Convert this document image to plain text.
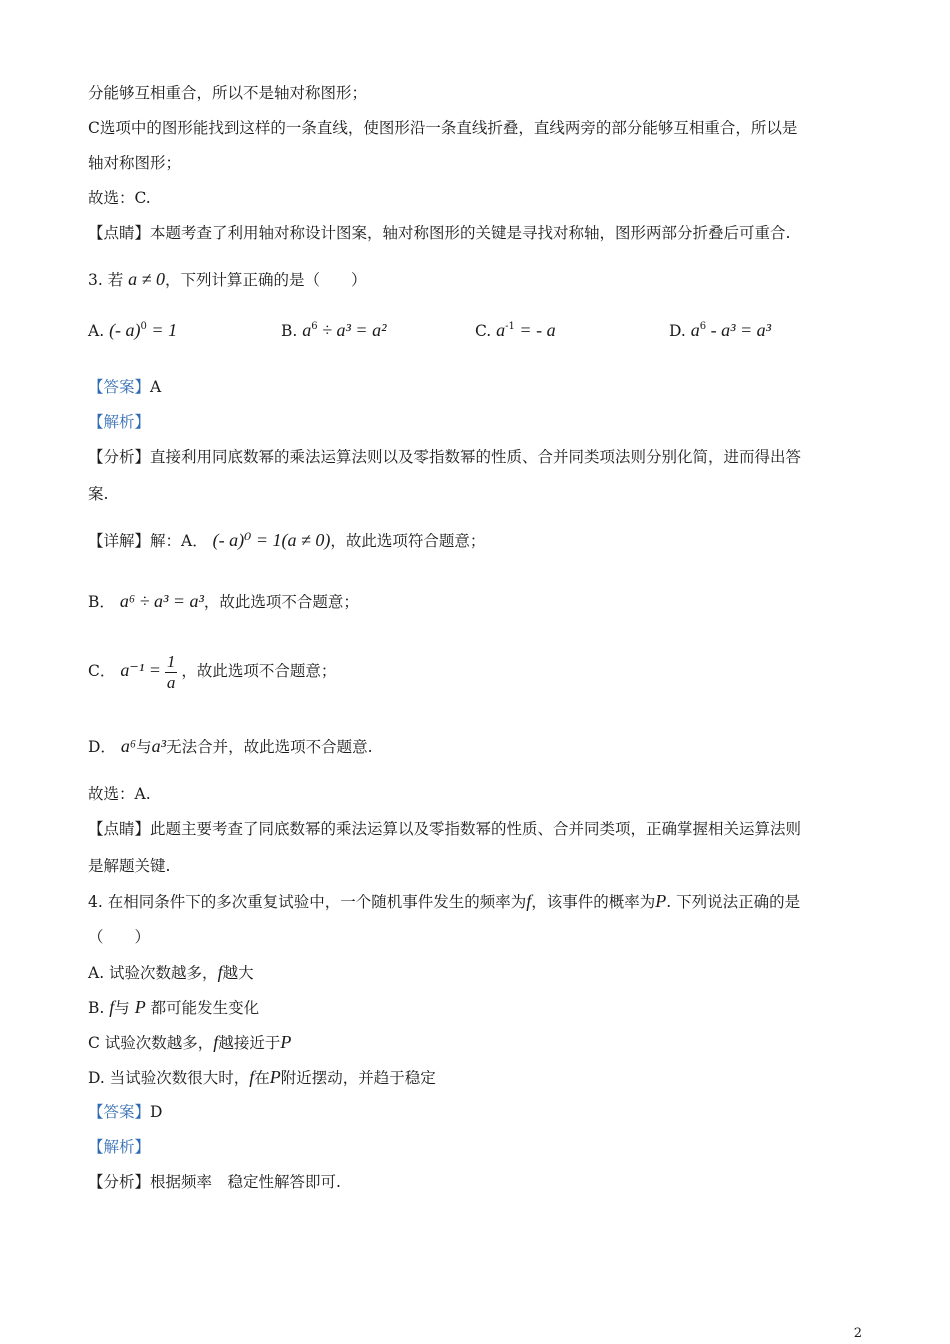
分能够互相重合，所以不是轴对称图形；
C选项中的图形能找到这样的一条直线，使图形沿一条直线折叠，直线两旁的部分能够互相重合，所以是
轴对称图形；
故选：C.
【点睛】本题考查了利用轴对称设计图案，轴对称图形的关键是寻找对称轴，图形两部分折叠后可重合.
3. 若 a ≠ 0，下列计算正确的是（　　）
A. (- a)$^0$ = 1	B. $a^6 \div a^3 = a^2$	C. $a^{-1}$ = - a	D. $a^6 - a^3 = a^3$
【答案】A
【解析】
【分析】直接利用同底数幂的乘法运算法则以及零指数幂的性质、合并同类项法则分别化简，进而得出答
案.
【详解】解：A． (- a)⁰ = 1(a ≠ 0)，故此选项符合题意；
B． a⁶ ÷ a³ = a³，故此选项不合题意；
C． $a^{-1} = \frac{1}{a}$ ，故此选项不合题意；
D． a⁶与a³无法合并，故此选项不合题意.
故选：A.
【点睛】此题主要考查了同底数幂的乘法运算以及零指数幂的性质、合并同类项，正确掌握相关运算法则
是解题关键.
4. 在相同条件下的多次重复试验中，一个随机事件发生的频率为f，该事件的概率为P. 下列说法正确的是
（　　）
A. 试验次数越多，f越大
B. f与 P 都可能发生变化
C 试验次数越多，f越接近于P
D. 当试验次数很大时，f在P附近摆动，并趋于稳定
【答案】D
【解析】
【分析】根据频率　稳定性解答即可.
2
